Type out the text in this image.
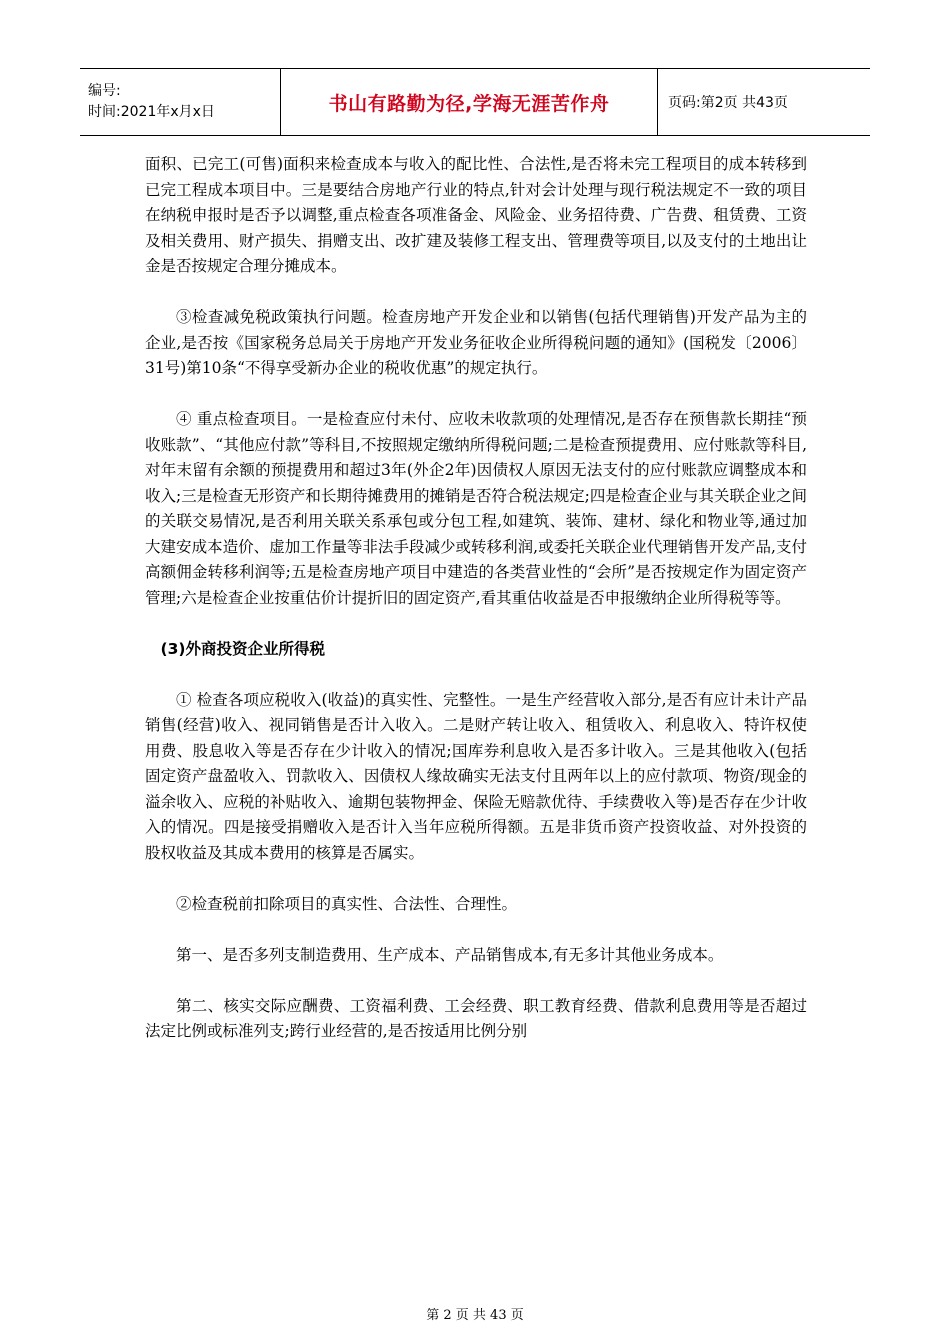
编号:
时间:2021年x月x日	书山有路勤为径,学海无涯苦作舟	页码:第2页 共43页

面积、已完工(可售)面积来检查成本与收入的配比性、合法性,是否将未完工程项目的成本转移到已完工程成本项目中。三是要结合房地产行业的特点,针对会计处理与现行税法规定不一致的项目在纳税申报时是否予以调整,重点检查各项准备金、风险金、业务招待费、广告费、租赁费、工资及相关费用、财产损失、捐赠支出、改扩建及装修工程支出、管理费等项目,以及支付的土地出让金是否按规定合理分摊成本。

③检查减免税政策执行问题。检查房地产开发企业和以销售(包括代理销售)开发产品为主的企业,是否按《国家税务总局关于房地产开发业务征收企业所得税问题的通知》(国税发〔2006〕31号)第10条“不得享受新办企业的税收优惠”的规定执行。

④ 重点检查项目。一是检查应付未付、应收未收款项的处理情况,是否存在预售款长期挂“预收账款”、“其他应付款”等科目,不按照规定缴纳所得税问题;二是检查预提费用、应付账款等科目,对年末留有余额的预提费用和超过3年(外企2年)因债权人原因无法支付的应付账款应调整成本和收入;三是检查无形资产和长期待摊费用的摊销是否符合税法规定;四是检查企业与其关联企业之间的关联交易情况,是否利用关联关系承包或分包工程,如建筑、装饰、建材、绿化和物业等,通过加大建安成本造价、虚加工作量等非法手段减少或转移利润,或委托关联企业代理销售开发产品,支付高额佣金转移利润等;五是检查房地产项目中建造的各类营业性的“会所”是否按规定作为固定资产管理;六是检查企业按重估价计提折旧的固定资产,看其重估收益是否申报缴纳企业所得税等等。

(3)外商投资企业所得税

① 检查各项应税收入(收益)的真实性、完整性。一是生产经营收入部分,是否有应计未计产品销售(经营)收入、视同销售是否计入收入。二是财产转让收入、租赁收入、利息收入、特许权使用费、股息收入等是否存在少计收入的情况;国库券利息收入是否多计收入。三是其他收入(包括固定资产盘盈收入、罚款收入、因债权人缘故确实无法支付且两年以上的应付款项、物资/现金的溢余收入、应税的补贴收入、逾期包装物押金、保险无赔款优待、手续费收入等)是否存在少计收入的情况。四是接受捐赠收入是否计入当年应税所得额。五是非货币资产投资收益、对外投资的股权收益及其成本费用的核算是否属实。

②检查税前扣除项目的真实性、合法性、合理性。

第一、是否多列支制造费用、生产成本、产品销售成本,有无多计其他业务成本。

第二、核实交际应酬费、工资福利费、工会经费、职工教育经费、借款利息费用等是否超过法定比例或标准列支;跨行业经营的,是否按适用比例分别

第 2 页 共 43 页
